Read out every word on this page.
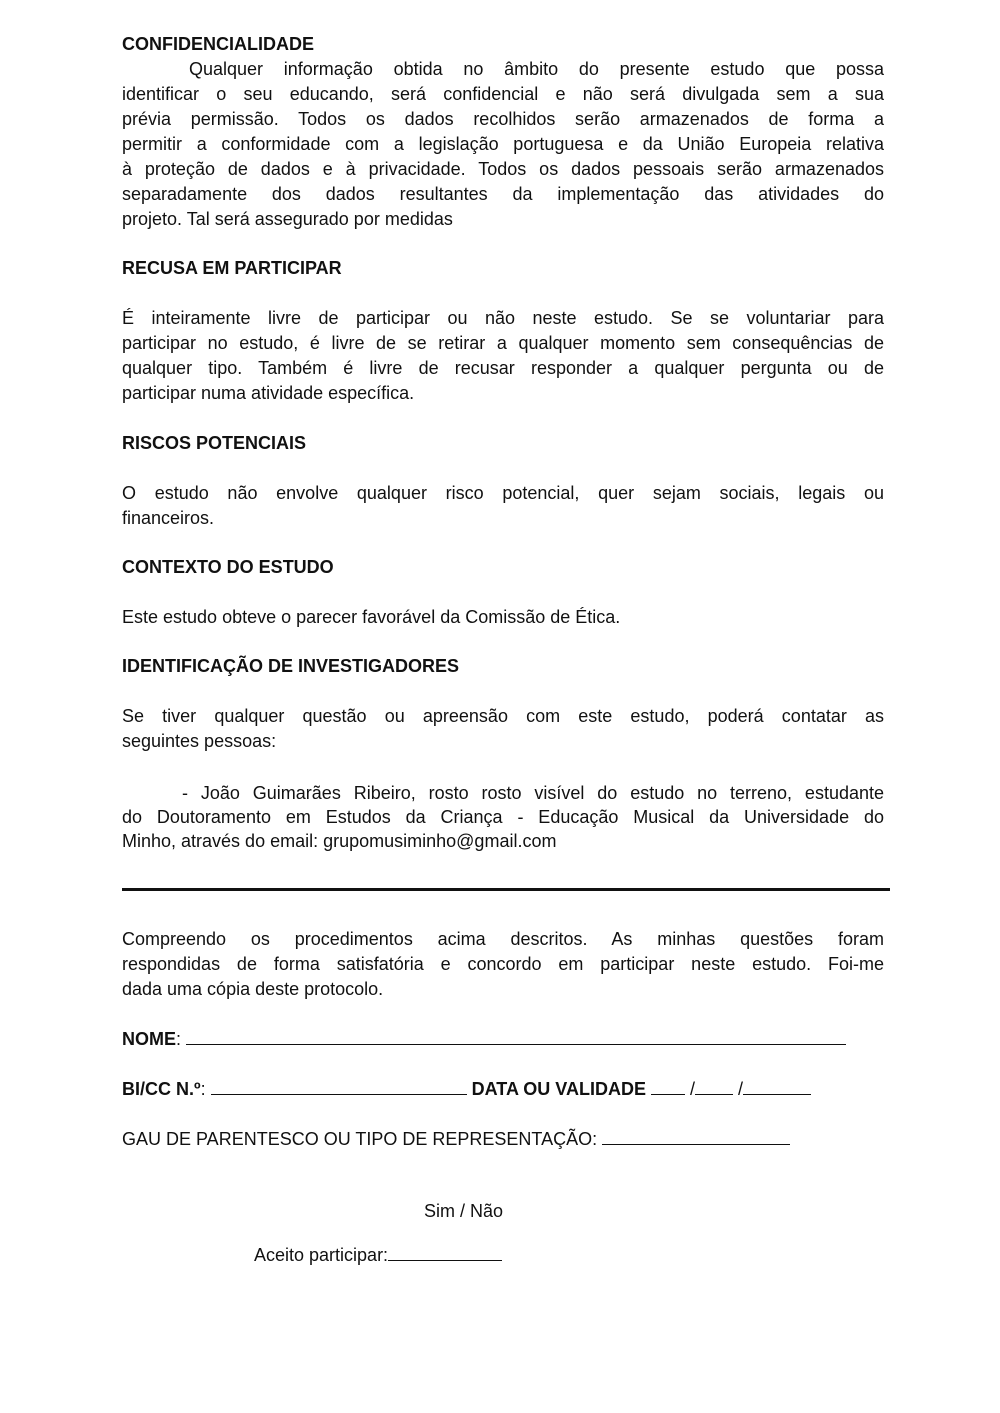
CONFIDENCIALIDADE
Qualquer informação obtida no âmbito do presente estudo que possa
identificar o seu educando, será confidencial e não será divulgada sem a sua
prévia permissão. Todos os dados recolhidos serão armazenados de forma a
permitir a conformidade com a legislação portuguesa e da União Europeia relativa
à proteção de dados e à privacidade. Todos os dados pessoais serão armazenados
separadamente dos dados resultantes da implementação das atividades do
projeto. Tal será assegurado por medidas
RECUSA EM PARTICIPAR
É inteiramente livre de participar ou não neste estudo. Se se voluntariar para
participar no estudo, é livre de se retirar a qualquer momento sem consequências de
qualquer tipo. Também é livre de recusar responder a qualquer pergunta ou de
participar numa atividade específica.
RISCOS POTENCIAIS
O estudo não envolve qualquer risco potencial, quer sejam sociais, legais ou
financeiros.
CONTEXTO DO ESTUDO
Este estudo obteve o parecer favorável da Comissão de Ética.
IDENTIFICAÇÃO DE INVESTIGADORES
Se tiver qualquer questão ou apreensão com este estudo, poderá contatar as
seguintes pessoas:
- João Guimarães Ribeiro, rosto rosto visível do estudo no terreno, estudante
do Doutoramento em Estudos da Criança - Educação Musical da Universidade do
Minho, através do email: grupomusiminho@gmail.com
Compreendo os procedimentos acima descritos. As minhas questões foram
respondidas de forma satisfatória e concordo em participar neste estudo. Foi-me
dada uma cópia deste protocolo.
NOME:
BI/CC N.º:	DATA OU VALIDADE / /
GAU DE PARENTESCO OU TIPO DE REPRESENTAÇÃO:
Sim / Não
Aceito participar:
